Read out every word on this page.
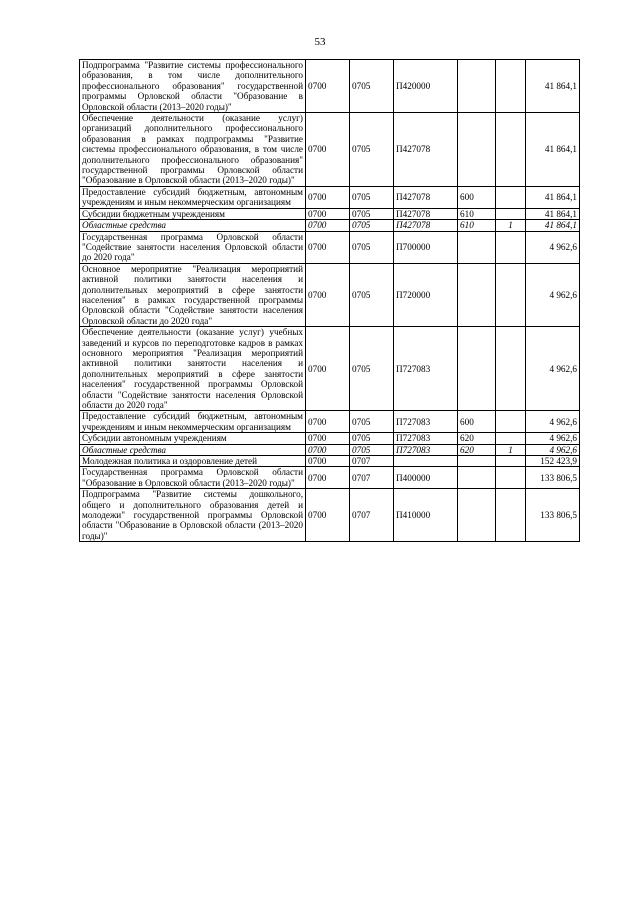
53
Подпрограмма "Развитие системы профессионального образования, в том числе дополнительного профессионального образования" государственной программы Орловской области "Образование в Орловской области (2013–2020 годы)"	0700	0705	П420000			41 864,1
Обеспечение деятельности (оказание услуг) организаций дополнительного профессионального образования в рамках подпрограммы "Развитие системы профессионального образования, в том числе дополнительного профессионального образования" государственной программы Орловской области "Образование в Орловской области (2013–2020 годы)"	0700	0705	П427078			41 864,1
Предоставление субсидий бюджетным, автономным учреждениям и иным некоммерческим организациям	0700	0705	П427078	600		41 864,1
Субсидии бюджетным учреждениям	0700	0705	П427078	610		41 864,1
Областные средства	0700	0705	П427078	610	1	41 864,1
Государственная программа Орловской области "Содействие занятости населения Орловской области до 2020 года"	0700	0705	П700000			4 962,6
Основное мероприятие "Реализация мероприятий активной политики занятости населения и дополнительных мероприятий в сфере занятости населения" в рамках государственной программы Орловской области "Содействие занятости населения Орловской области до 2020 года"	0700	0705	П720000			4 962,6
Обеспечение деятельности (оказание услуг) учебных заведений и курсов по переподготовке кадров в рамках основного мероприятия "Реализация мероприятий активной политики занятости населения и дополнительных мероприятий в сфере занятости населения" государственной программы Орловской области "Содействие занятости населения Орловской области до 2020 года"	0700	0705	П727083			4 962,6
Предоставление субсидий бюджетным, автономным учреждениям и иным некоммерческим организациям	0700	0705	П727083	600		4 962,6
Субсидии автономным учреждениям	0700	0705	П727083	620		4 962,6
Областные средства	0700	0705	П727083	620	1	4 962,6
Молодежная политика и оздоровление детей	0700	0707				152 423,9
Государственная программа Орловской области "Образование в Орловской области (2013–2020 годы)"	0700	0707	П400000			133 806,5
Подпрограмма "Развитие системы дошкольного, общего и дополнительного образования детей и молодежи" государственной программы Орловской области "Образование в Орловской области (2013–2020 годы)"	0700	0707	П410000			133 806,5
